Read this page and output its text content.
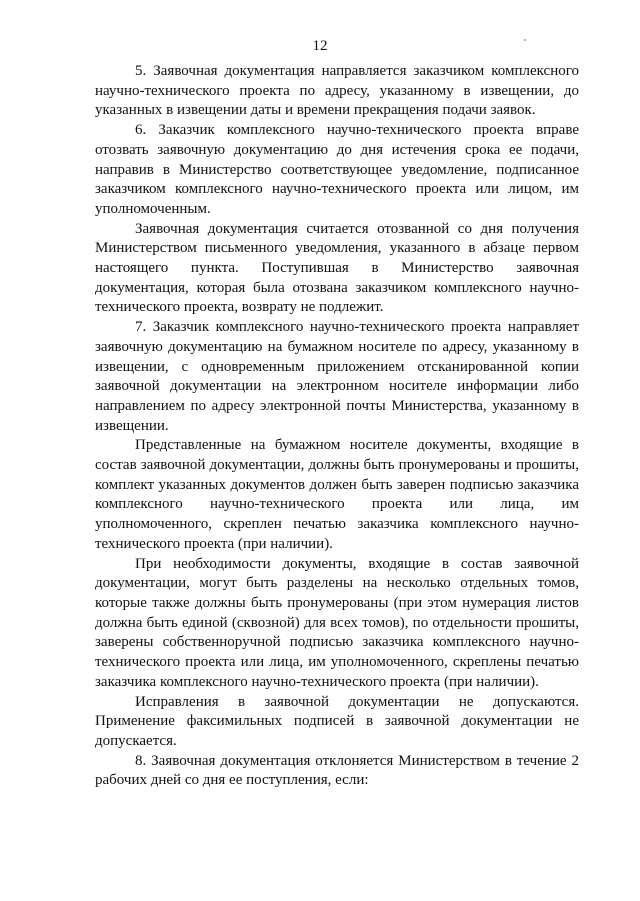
12

5. Заявочная документация направляется заказчиком комплексного научно-технического проекта по адресу, указанному в извещении, до указанных в извещении даты и времени прекращения подачи заявок.

6. Заказчик комплексного научно-технического проекта вправе отозвать заявочную документацию до дня истечения срока ее подачи, направив в Министерство соответствующее уведомление, подписанное заказчиком комплексного научно-технического проекта или лицом, им уполномоченным.

Заявочная документация считается отозванной со дня получения Министерством письменного уведомления, указанного в абзаце первом настоящего пункта. Поступившая в Министерство заявочная документация, которая была отозвана заказчиком комплексного научно-технического проекта, возврату не подлежит.

7. Заказчик комплексного научно-технического проекта направляет заявочную документацию на бумажном носителе по адресу, указанному в извещении, с одновременным приложением отсканированной копии заявочной документации на электронном носителе информации либо направлением по адресу электронной почты Министерства, указанному в извещении.

Представленные на бумажном носителе документы, входящие в состав заявочной документации, должны быть пронумерованы и прошиты, комплект указанных документов должен быть заверен подписью заказчика комплексного научно-технического проекта или лица, им уполномоченного, скреплен печатью заказчика комплексного научно-технического проекта (при наличии).

При необходимости документы, входящие в состав заявочной документации, могут быть разделены на несколько отдельных томов, которые также должны быть пронумерованы (при этом нумерация листов должна быть единой (сквозной) для всех томов), по отдельности прошиты, заверены собственноручной подписью заказчика комплексного научно-технического проекта или лица, им уполномоченного, скреплены печатью заказчика комплексного научно-технического проекта (при наличии).

Исправления в заявочной документации не допускаются. Применение факсимильных подписей в заявочной документации не допускается.

8. Заявочная документация отклоняется Министерством в течение 2 рабочих дней со дня ее поступления, если:
